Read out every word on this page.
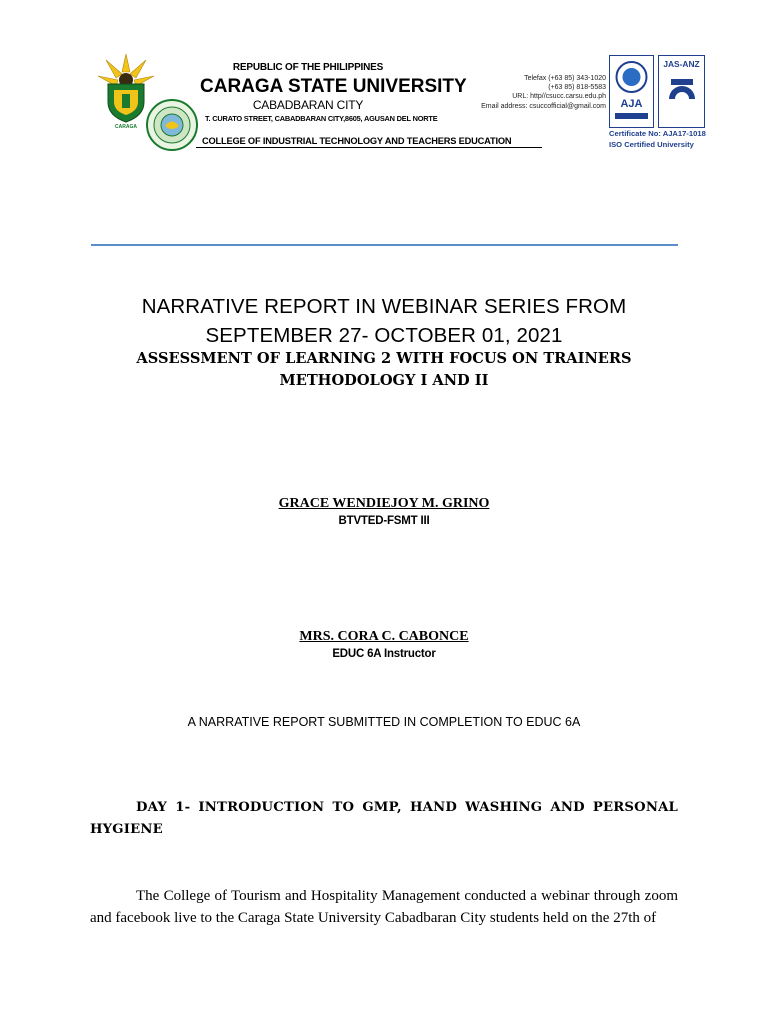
CARAGA
REPUBLIC OF THE PHILIPPINES
CARAGA STATE UNIVERSITY
CABADBARAN CITY
T. CURATO STREET, CABADBARAN CITY,8605, AGUSAN DEL NORTE
COLLEGE OF INDUSTRIAL TECHNOLOGY AND TEACHERS EDUCATION
Telefax (+63 85) 343-1020
(+63 85) 818-5583
URL: http//csucc.carsu.edu.ph
Email address: csuccofficial@gmail.com AJA
JAS-ANZ
Certificate No: AJA17-1018
ISO Certified University
NARRATIVE REPORT IN WEBINAR SERIES FROM
SEPTEMBER 27- OCTOBER 01, 2021
ASSESSMENT OF LEARNING 2 WITH FOCUS ON TRAINERS
METHODOLOGY I AND II
GRACE WENDIEJOY M. GRINO
BTVTED-FSMT III
MRS. CORA C. CABONCE
EDUC 6A Instructor
A NARRATIVE REPORT SUBMITTED IN COMPLETION TO EDUC 6A
DAY 1- INTRODUCTION TO GMP, HAND WASHING AND PERSONAL HYGIENE
The College of Tourism and Hospitality Management conducted a webinar through zoom and facebook live to the Caraga State University Cabadbaran City students held on the 27th of
